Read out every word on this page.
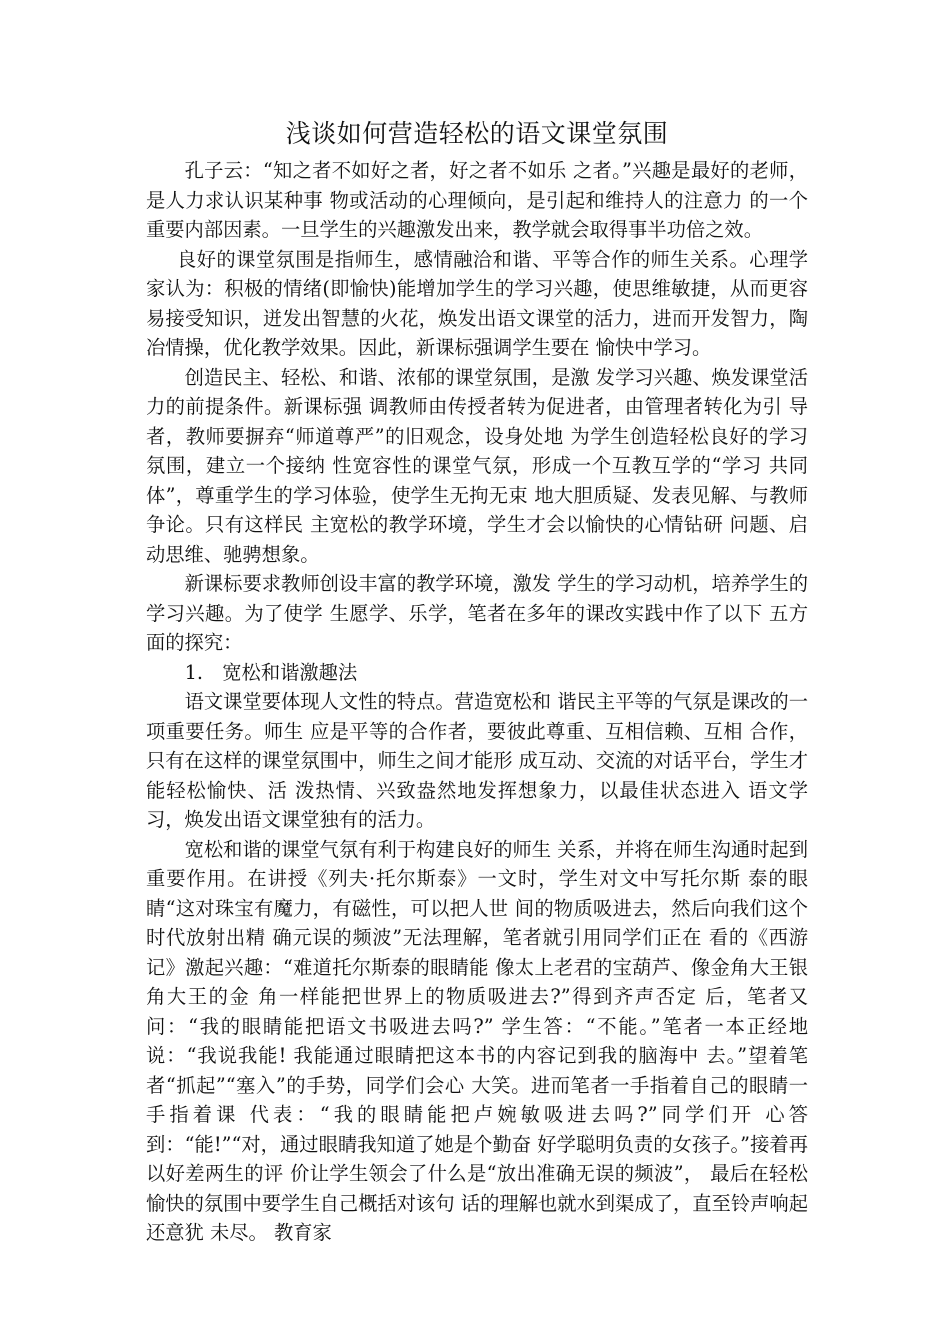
浅谈如何营造轻松的语文课堂氛围

孔子云：“知之者不如好之者，好之者不如乐 之者。”兴趣是最好的老师，是人力求认识某种事 物或活动的心理倾向，是引起和维持人的注意力 的一个重要内部因素。一旦学生的兴趣激发出来，教学就会取得事半功倍之效。

良好的课堂氛围是指师生，感情融洽和谐、平等合作的师生关系。心理学家认为：积极的情绪(即愉快)能增加学生的学习兴趣，使思维敏捷，从而更容易接受知识，迸发出智慧的火花，焕发出语文课堂的活力，进而开发智力，陶冶情操，优化教学效果。因此，新课标强调学生要在 愉快中学习。

创造民主、轻松、和谐、浓郁的课堂氛围，是激 发学习兴趣、焕发课堂活力的前提条件。新课标强 调教师由传授者转为促进者，由管理者转化为引 导者，教师要摒弃“师道尊严”的旧观念，设身处地 为学生创造轻松良好的学习氛围，建立一个接纳 性宽容性的课堂气氛，形成一个互教互学的“学习 共同体”，尊重学生的学习体验，使学生无拘无束 地大胆质疑、发表见解、与教师争论。只有这样民 主宽松的教学环境，学生才会以愉快的心情钻研 问题、启动思维、驰骋想象。

新课标要求教师创设丰富的教学环境，激发 学生的学习动机，培养学生的学习兴趣。为了使学 生愿学、乐学，笔者在多年的课改实践中作了以下 五方面的探究：

1.　宽松和谐激趣法

语文课堂要体现人文性的特点。营造宽松和 谐民主平等的气氛是课改的一项重要任务。师生 应是平等的合作者，要彼此尊重、互相信赖、互相 合作，只有在这样的课堂氛围中，师生之间才能形 成互动、交流的对话平台，学生才能轻松愉快、活 泼热情、兴致盎然地发挥想象力，以最佳状态进入 语文学习，焕发出语文课堂独有的活力。

宽松和谐的课堂气氛有利于构建良好的师生 关系，并将在师生沟通时起到重要作用。在讲授《列夫·托尔斯泰》一文时，学生对文中写托尔斯 泰的眼睛“这对珠宝有魔力，有磁性，可以把人世 间的物质吸进去，然后向我们这个时代放射出精 确元误的频波”无法理解，笔者就引用同学们正在 看的《西游记》激起兴趣：“难道托尔斯泰的眼睛能 像太上老君的宝葫芦、像金角大王银角大王的金 角一样能把世界上的物质吸进去?”得到齐声否定 后，笔者又问：“我的眼睛能把语文书吸进去吗?” 学生答：“不能。”笔者一本正经地说：“我说我能! 我能通过眼睛把这本书的内容记到我的脑海中 去。”望着笔者“抓起”“塞入”的手势，同学们会心 大笑。进而笔者一手指着自己的眼睛一手指着课 代表：“我的眼睛能把卢婉敏吸进去吗?”同学们开 心答到：“能!”“对，通过眼睛我知道了她是个勤奋 好学聪明负责的女孩子。”接着再以好差两生的评 价让学生领会了什么是“放出准确无误的频波”， 最后在轻松愉快的氛围中要学生自己概括对该句 话的理解也就水到渠成了，直至铃声响起还意犹 未尽。 教育家
